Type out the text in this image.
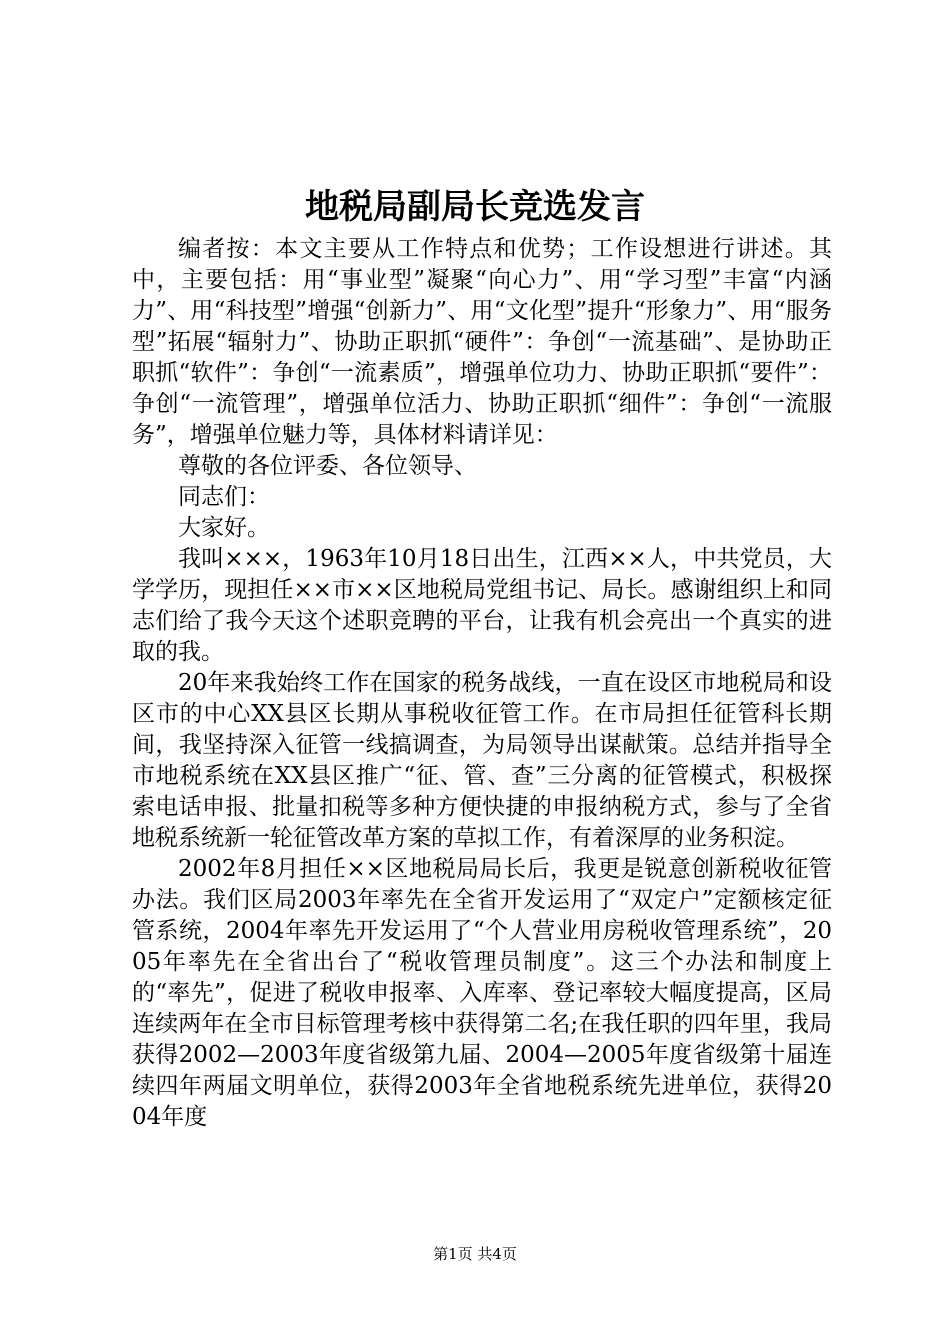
地税局副局长竞选发言

编者按：本文主要从工作特点和优势；工作设想进行讲述。其中，主要包括：用“事业型”凝聚“向心力”、用“学习型”丰富“内涵力”、用“科技型”增强“创新力”、用“文化型”提升“形象力”、用“服务型”拓展“辐射力”、协助正职抓“硬件”：争创“一流基础”、是协助正职抓“软件”：争创“一流素质”，增强单位功力、协助正职抓“要件”：争创“一流管理”，增强单位活力、协助正职抓“细件”：争创“一流服务”，增强单位魅力等，具体材料请详见：

尊敬的各位评委、各位领导、

同志们：

大家好。

我叫×××，1963年10月18日出生，江西××人，中共党员，大学学历，现担任××市××区地税局党组书记、局长。感谢组织上和同志们给了我今天这个述职竞聘的平台，让我有机会亮出一个真实的进取的我。

20年来我始终工作在国家的税务战线，一直在设区市地税局和设区市的中心XX县区长期从事税收征管工作。在市局担任征管科长期间，我坚持深入征管一线搞调查，为局领导出谋献策。总结并指导全市地税系统在XX县区推广“征、管、查”三分离的征管模式，积极探索电话申报、批量扣税等多种方便快捷的申报纳税方式，参与了全省地税系统新一轮征管改革方案的草拟工作，有着深厚的业务积淀。

2002年8月担任××区地税局局长后，我更是锐意创新税收征管办法。我们区局2003年率先在全省开发运用了“双定户”定额核定征管系统，2004年率先开发运用了“个人营业用房税收管理系统”，2005年率先在全省出台了“税收管理员制度”。这三个办法和制度上的“率先”，促进了税收申报率、入库率、登记率较大幅度提高，区局连续两年在全市目标管理考核中获得第二名;在我任职的四年里，我局获得2002—2003年度省级第九届、2004—2005年度省级第十届连续四年两届文明单位，获得2003年全省地税系统先进单位，获得2004年度

第1页 共4页
